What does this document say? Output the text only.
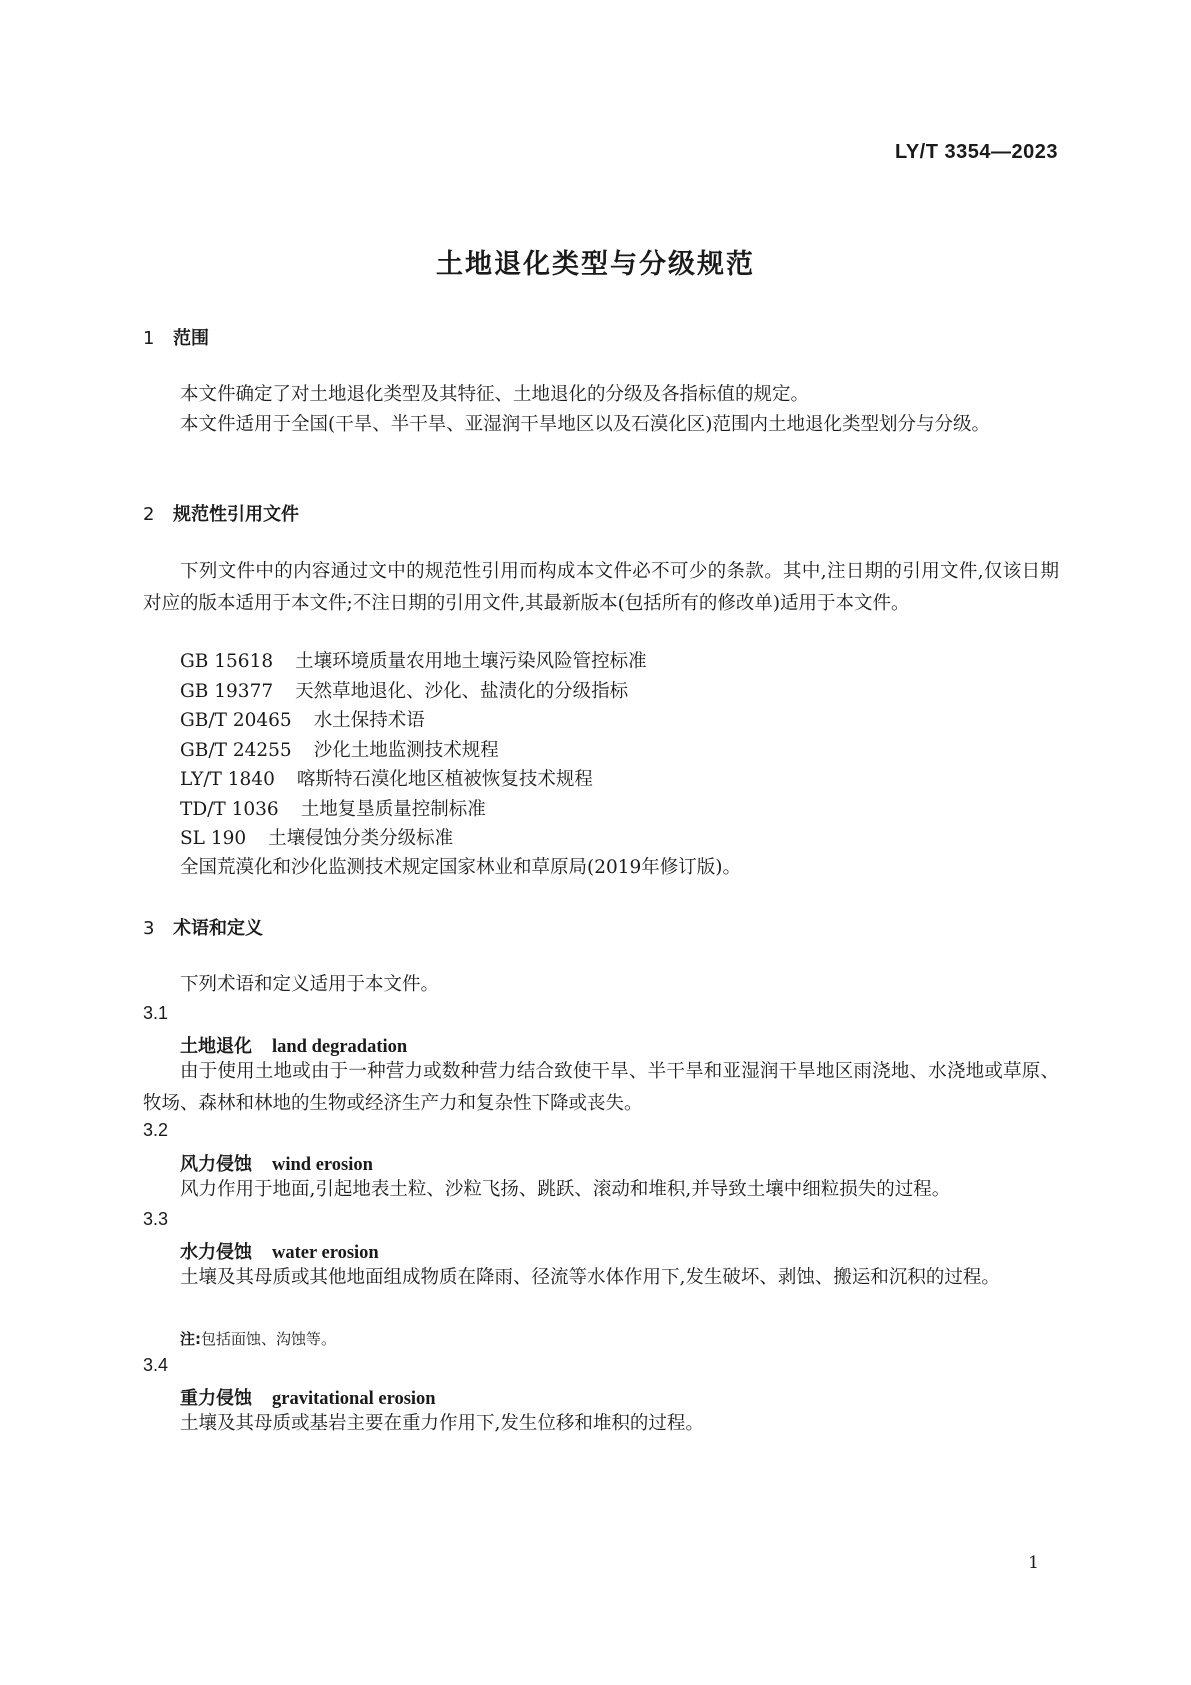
LY/T 3354—2023
土地退化类型与分级规范
1 范围
本文件确定了对土地退化类型及其特征、土地退化的分级及各指标值的规定。
本文件适用于全国(干旱、半干旱、亚湿润干旱地区以及石漠化区)范围内土地退化类型划分与分级。
2 规范性引用文件
下列文件中的内容通过文中的规范性引用而构成本文件必不可少的条款。其中,注日期的引用文件,仅该日期对应的版本适用于本文件;不注日期的引用文件,其最新版本(包括所有的修改单)适用于本文件。
GB 15618 土壤环境质量农用地土壤污染风险管控标准
GB 19377 天然草地退化、沙化、盐渍化的分级指标
GB/T 20465 水土保持术语
GB/T 24255 沙化土地监测技术规程
LY/T 1840 喀斯特石漠化地区植被恢复技术规程
TD/T 1036 土地复垦质量控制标准
SL 190 土壤侵蚀分类分级标准
全国荒漠化和沙化监测技术规定国家林业和草原局(2019年修订版)。
3 术语和定义
下列术语和定义适用于本文件。
3.1
土地退化 land degradation
由于使用土地或由于一种营力或数种营力结合致使干旱、半干旱和亚湿润干旱地区雨浇地、水浇地或草原、牧场、森林和林地的生物或经济生产力和复杂性下降或丧失。
3.2
风力侵蚀 wind erosion
风力作用于地面,引起地表土粒、沙粒飞扬、跳跃、滚动和堆积,并导致土壤中细粒损失的过程。
3.3
水力侵蚀 water erosion
土壤及其母质或其他地面组成物质在降雨、径流等水体作用下,发生破坏、剥蚀、搬运和沉积的过程。
注:包括面蚀、沟蚀等。
3.4
重力侵蚀 gravitational erosion
土壤及其母质或基岩主要在重力作用下,发生位移和堆积的过程。
1
